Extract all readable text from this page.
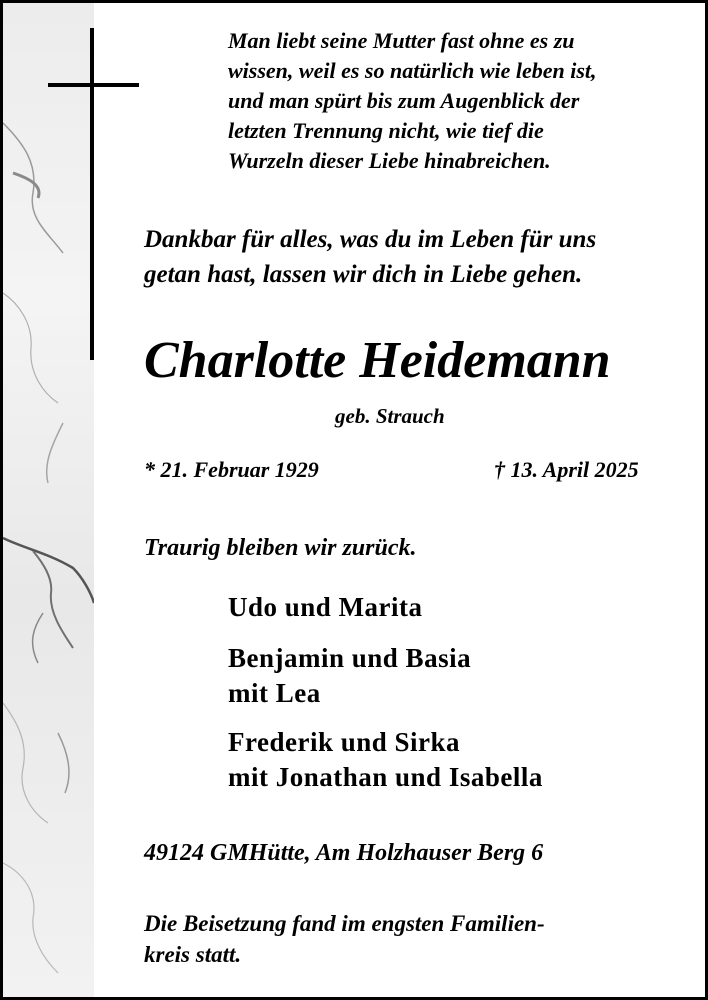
Man liebt seine Mutter fast ohne es zu
wissen, weil es so natürlich wie leben ist,
und man spürt bis zum Augenblick der
letzten Trennung nicht, wie tief die
Wurzeln dieser Liebe hinabreichen.
Dankbar für alles, was du im Leben für uns
getan hast, lassen wir dich in Liebe gehen.
Charlotte Heidemann
geb. Strauch
* 21. Februar 1929	† 13. April 2025
Traurig bleiben wir zurück.
Udo und Marita
Benjamin und Basia
mit Lea
Frederik und Sirka
mit Jonathan und Isabella
49124 GMHütte, Am Holzhauser Berg 6
Die Beisetzung fand im engsten Familien-
kreis statt.
